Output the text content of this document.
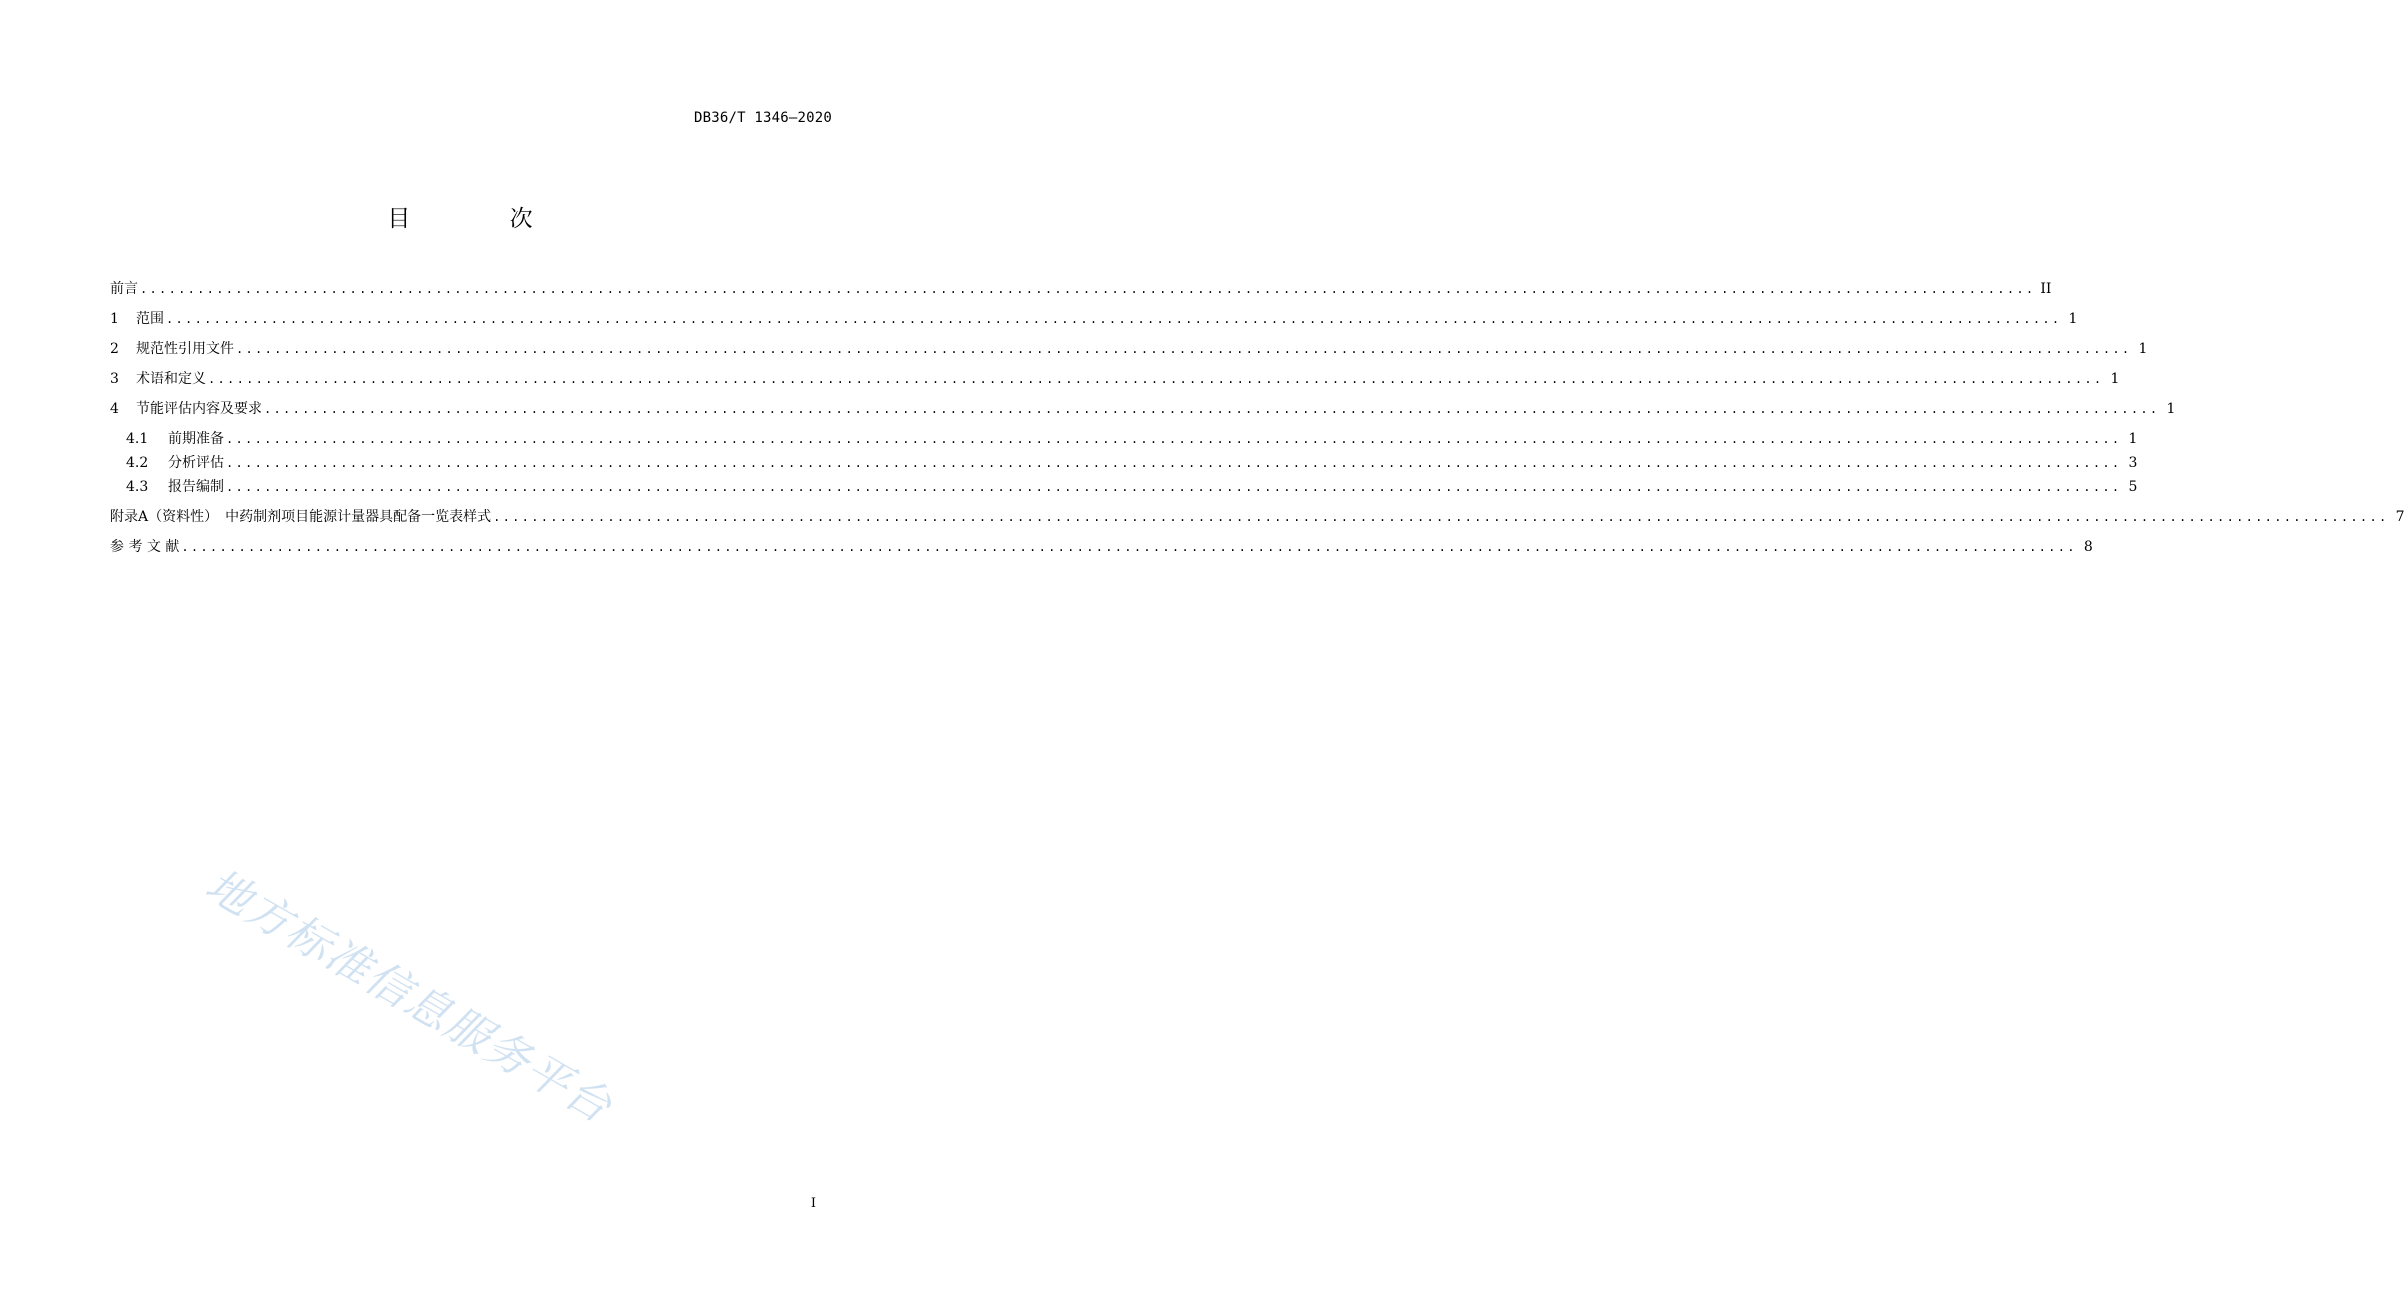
DB36/T 1346—2020
目 次
前言 ....................................................................................................................................................................................................... II
1 范围 ....................................................................................................................................................................................................... 1
2 规范性引用文件 ....................................................................................................................................................................................................... 1
3 术语和定义 ....................................................................................................................................................................................................... 1
4 节能评估内容及要求 ....................................................................................................................................................................................................... 1
4.1 前期准备 ....................................................................................................................................................................................................... 1
4.2 分析评估 ....................................................................................................................................................................................................... 3
4.3 报告编制 ....................................................................................................................................................................................................... 5
附录A（资料性）　中药制剂项目能源计量器具配备一览表样式 ....................................................................................................................................................................................................... 7
参 考 文 献 ....................................................................................................................................................................................................... 8
地方标准信息服务平台
I
